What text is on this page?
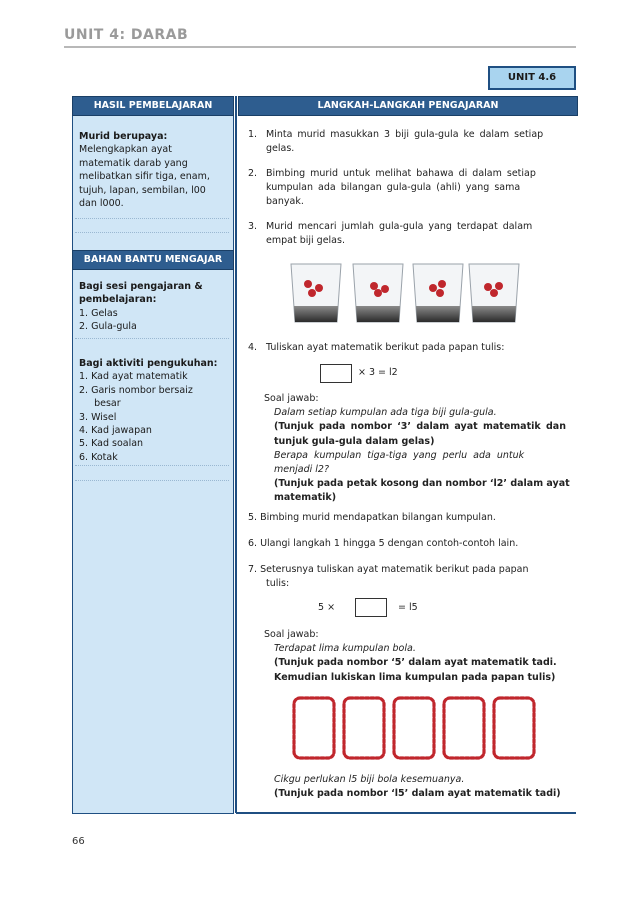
UNIT 4: DARAB
UNIT 4.6
HASIL PEMBELAJARAN	LANGKAH-LANGKAH PENGAJARAN
Murid berupaya:
Melengkapkan ayat
matematik darab yang
melibatkan sifir tiga, enam,
tujuh, lapan, sembilan, l00
dan l000.
BAHAN BANTU MENGAJAR
Bagi sesi pengajaran &
pembelajaran:
1. Gelas
2. Gula-gula
Bagi aktiviti pengukuhan:
1. Kad ayat matematik
2. Garis nombor bersaiz
besar
3. Wisel
4. Kad jawapan
5. Kad soalan
6. Kotak
1. Minta murid masukkan 3 biji gula-gula ke dalam setiap
gelas.
2. Bimbing murid untuk melihat bahawa di dalam setiap
kumpulan ada bilangan gula-gula (ahli) yang sama
banyak.
3. Murid mencari jumlah gula-gula yang terdapat dalam
empat biji gelas.
4. Tuliskan ayat matematik berikut pada papan tulis:
× 3 = l2
Soal jawab:
Dalam setiap kumpulan ada tiga biji gula-gula.
(Tunjuk pada nombor ‘3’ dalam ayat matematik dan
tunjuk gula-gula dalam gelas)
Berapa kumpulan tiga-tiga yang perlu ada untuk
menjadi l2?
(Tunjuk pada petak kosong dan nombor ‘l2’ dalam ayat
matematik)
5. Bimbing murid mendapatkan bilangan kumpulan.
6. Ulangi langkah 1 hingga 5 dengan contoh-contoh lain.
7. Seterusnya tuliskan ayat matematik berikut pada papan
tulis:
5 ×	= l5
Soal jawab:
Terdapat lima kumpulan bola.
(Tunjuk pada nombor ‘5’ dalam ayat matematik tadi.
Kemudian lukiskan lima kumpulan pada papan tulis)
Cikgu perlukan l5 biji bola kesemuanya.
(Tunjuk pada nombor ‘l5’ dalam ayat matematik tadi)
66
